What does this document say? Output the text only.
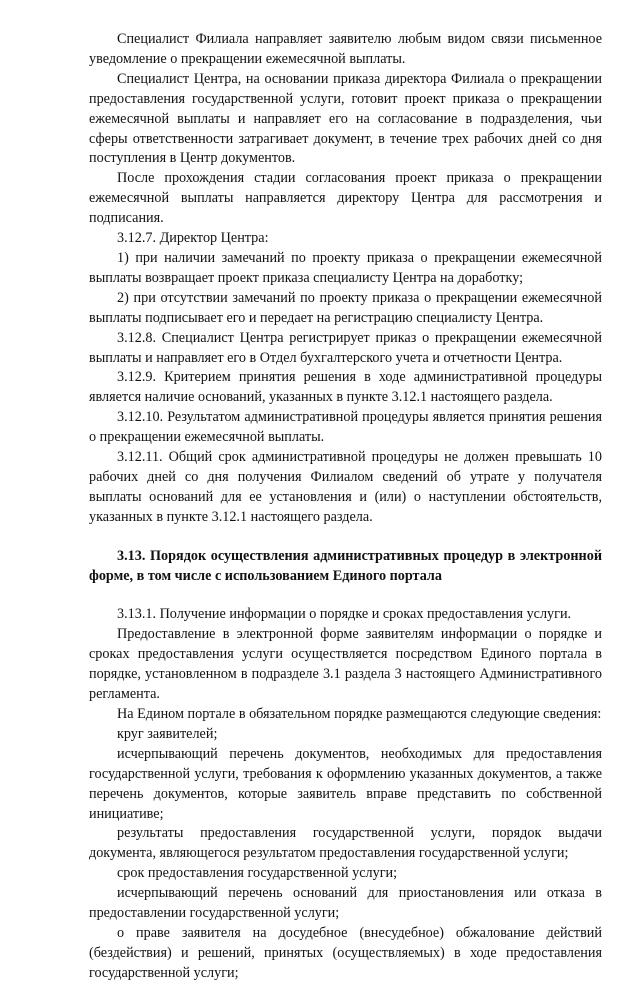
Специалист Филиала направляет заявителю любым видом связи письменное уведомление о прекращении ежемесячной выплаты.

Специалист Центра, на основании приказа директора Филиала о прекращении предоставления государственной услуги, готовит проект приказа о прекращении ежемесячной выплаты и направляет его на согласование в подразделения, чьи сферы ответственности затрагивает документ, в течение трех рабочих дней со дня поступления в Центр документов.

После прохождения стадии согласования проект приказа о прекращении ежемесячной выплаты направляется директору Центра для рассмотрения и подписания.

3.12.7. Директор Центра:

1) при наличии замечаний по проекту приказа о прекращении ежемесячной выплаты возвращает проект приказа специалисту Центра на доработку;

2) при отсутствии замечаний по проекту приказа о прекращении ежемесячной выплаты подписывает его и передает на регистрацию специалисту Центра.

3.12.8. Специалист Центра регистрирует приказ о прекращении ежемесячной выплаты и направляет его в Отдел бухгалтерского учета и отчетности Центра.

3.12.9. Критерием принятия решения в ходе административной процедуры является наличие оснований, указанных в пункте 3.12.1 настоящего раздела.

3.12.10. Результатом административной процедуры является принятия решения о прекращении ежемесячной выплаты.

3.12.11. Общий срок административной процедуры не должен превышать 10 рабочих дней со дня получения Филиалом сведений об утрате у получателя выплаты оснований для ее установления и (или) о наступлении обстоятельств, указанных в пункте 3.12.1 настоящего раздела.

3.13. Порядок осуществления административных процедур в электронной форме, в том числе с использованием Единого портала

3.13.1. Получение информации о порядке и сроках предоставления услуги.

Предоставление в электронной форме заявителям информации о порядке и сроках предоставления услуги осуществляется посредством Единого портала в порядке, установленном в подразделе 3.1 раздела 3 настоящего Административного регламента.

На Едином портале в обязательном порядке размещаются следующие сведения:

круг заявителей;

исчерпывающий перечень документов, необходимых для предоставления государственной услуги, требования к оформлению указанных документов, а также перечень документов, которые заявитель вправе представить по собственной инициативе;

результаты предоставления государственной услуги, порядок выдачи документа, являющегося результатом предоставления государственной услуги;

срок предоставления государственной услуги;

исчерпывающий перечень оснований для приостановления или отказа в предоставлении государственной услуги;

о праве заявителя на досудебное (внесудебное) обжалование действий (бездействия) и решений, принятых (осуществляемых) в ходе предоставления государственной услуги;
